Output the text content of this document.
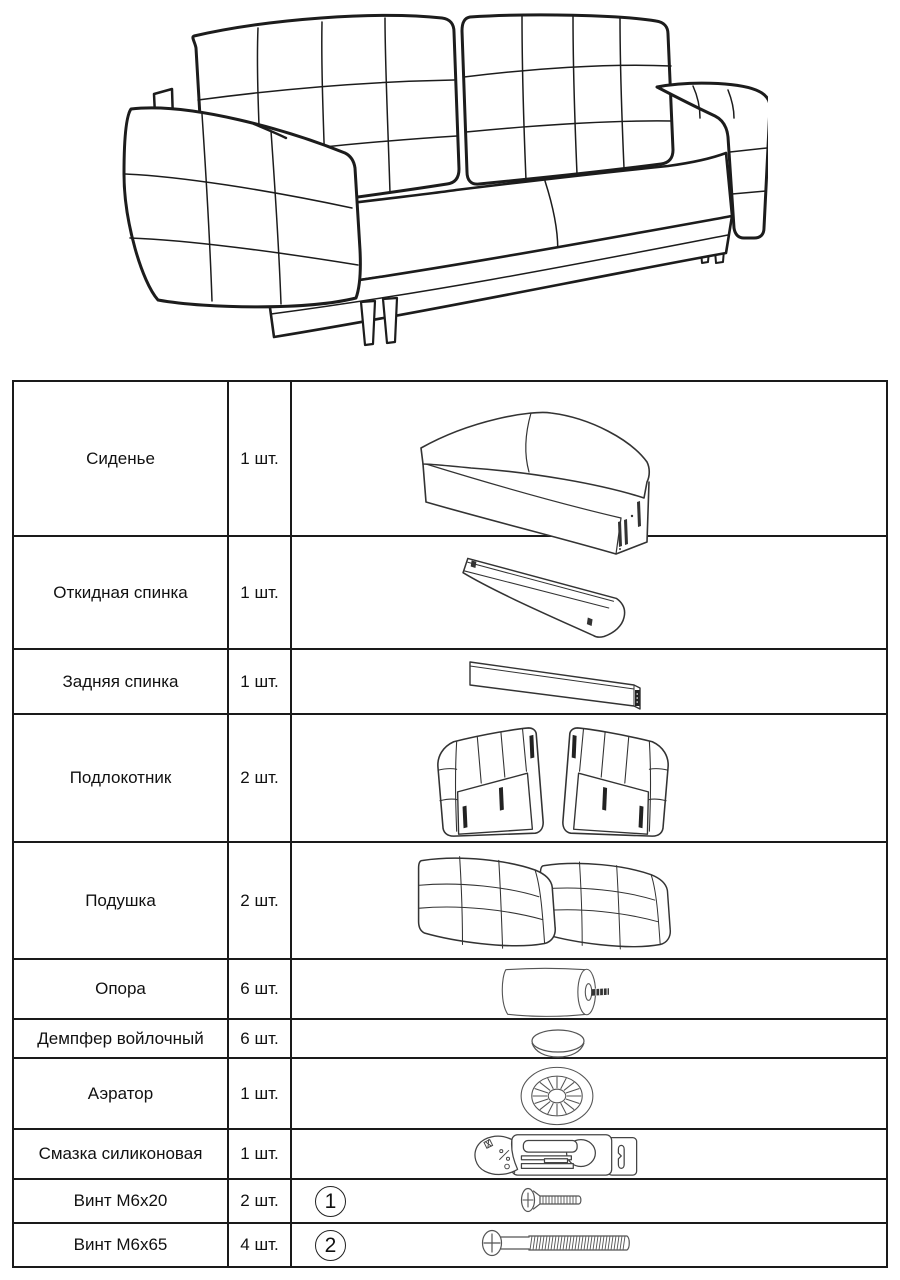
Сиденье	1 шт.
Откидная спинка	1 шт.
Задняя спинка	1 шт.
Подлокотник	2 шт.
Подушка	2 шт.
Опора	6 шт.
Демпфер войлочный	6 шт.
Аэратор	1 шт.
Смазка силиконовая	1 шт.
Винт М6х20	2 шт.	1
Винт М6х65	4 шт.	2
